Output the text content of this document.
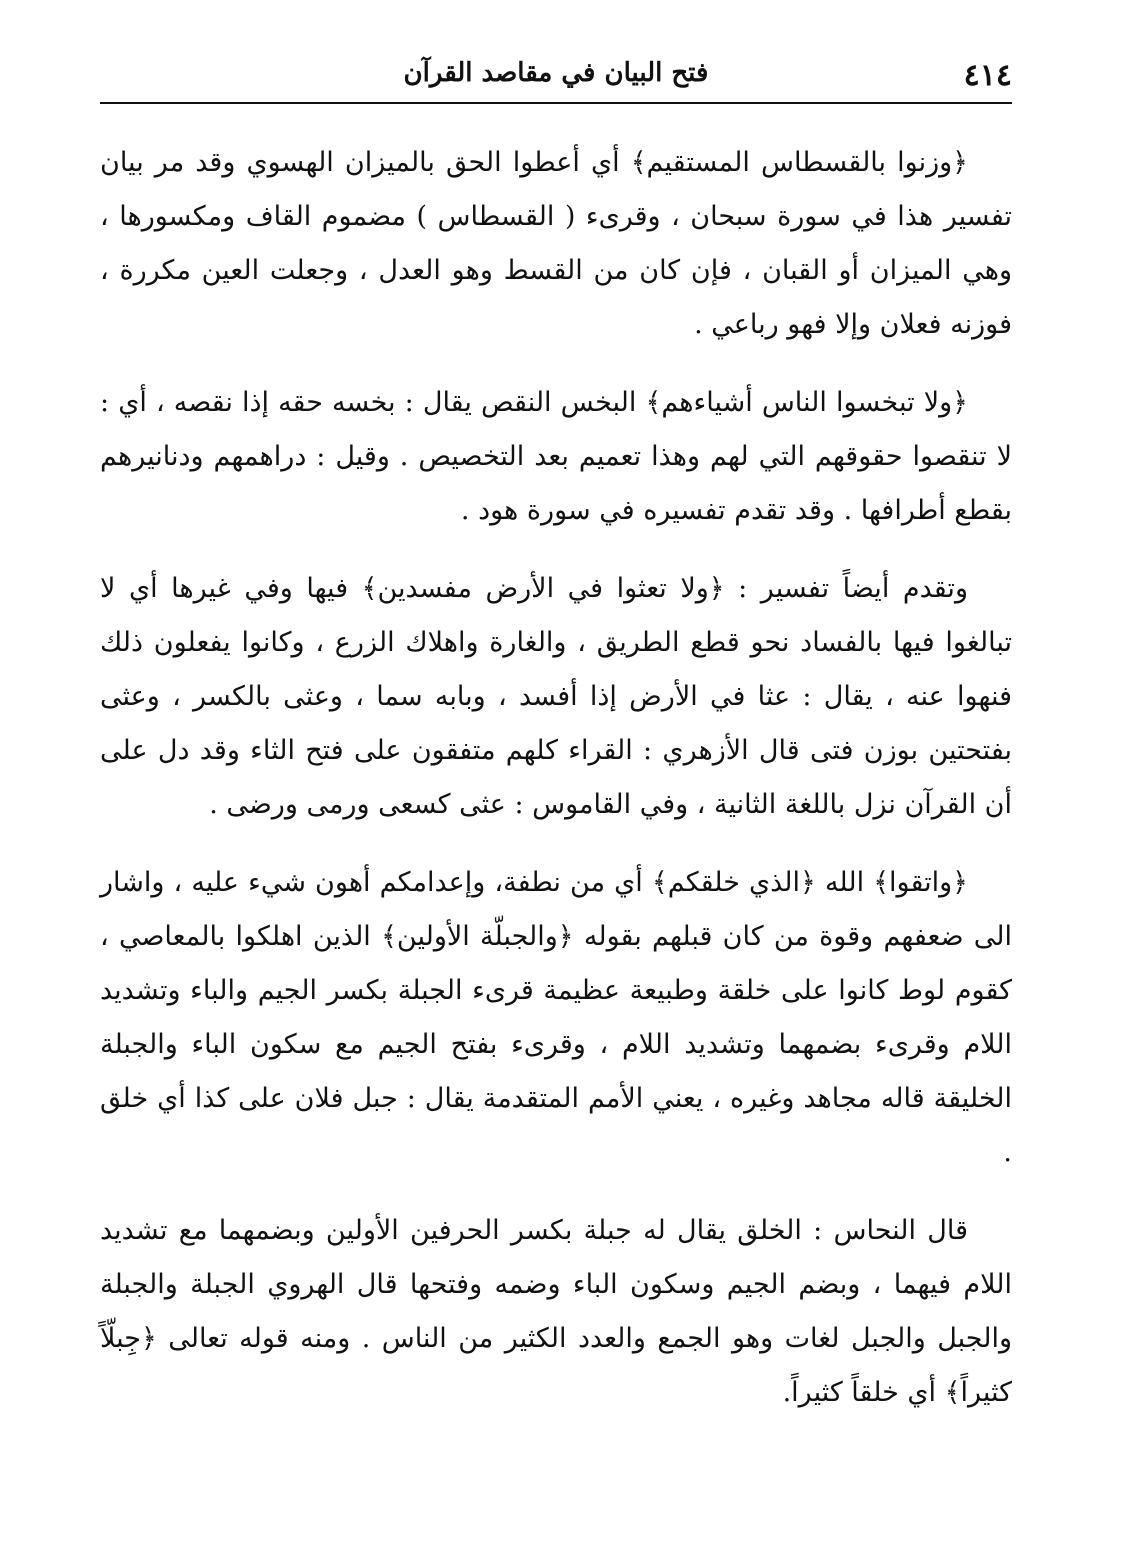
٤١٤
فتح البيان في مقاصد القرآن

﴿وزنوا بالقسطاس المستقيم﴾ أي أعطوا الحق بالميزان الهسوي وقد مر بيان تفسير هذا في سورة سبحان ، وقرىء ( القسطاس ) مضموم القاف ومكسورها ، وهي الميزان أو القبان ، فإن كان من القسط وهو العدل ، وجعلت العين مكررة ، فوزنه فعلان وإلا فهو رباعي .

﴿ولا تبخسوا الناس أشياءهم﴾ البخس النقص يقال : بخسه حقه إذا نقصه ، أي : لا تنقصوا حقوقهم التي لهم وهذا تعميم بعد التخصيص . وقيل : دراهمهم ودنانيرهم بقطع أطرافها . وقد تقدم تفسيره في سورة هود .

وتقدم أيضاً تفسير : ﴿ولا تعثوا في الأرض مفسدين﴾ فيها وفي غيرها أي لا تبالغوا فيها بالفساد نحو قطع الطريق ، والغارة واهلاك الزرع ، وكانوا يفعلون ذلك فنهوا عنه ، يقال : عثا في الأرض إذا أفسد ، وبابه سما ، وعثى بالكسر ، وعثى بفتحتين بوزن فتى قال الأزهري : القراء كلهم متفقون على فتح الثاء وقد دل على أن القرآن نزل باللغة الثانية ، وفي القاموس : عثى كسعى ورمى ورضى .

﴿واتقوا﴾ الله ﴿الذي خلقكم﴾ أي من نطفة، وإعدامكم أهون شيء عليه ، واشار الى ضعفهم وقوة من كان قبلهم بقوله ﴿والجبلّة الأولين﴾ الذين اهلكوا بالمعاصي ، كقوم لوط كانوا على خلقة وطبيعة عظيمة قرىء الجبلة بكسر الجيم والباء وتشديد اللام وقرىء بضمهما وتشديد اللام ، وقرىء بفتح الجيم مع سكون الباء والجبلة الخليقة قاله مجاهد وغيره ، يعني الأمم المتقدمة يقال : جبل فلان على كذا أي خلق .

قال النحاس : الخلق يقال له جبلة بكسر الحرفين الأولين وبضمهما مع تشديد اللام فيهما ، وبضم الجيم وسكون الباء وضمه وفتحها قال الهروي الجبلة والجبلة والجبل والجبل لغات وهو الجمع والعدد الكثير من الناس . ومنه قوله تعالى ﴿جِبلّاً كثيراً﴾ أي خلقاً كثيراً.
